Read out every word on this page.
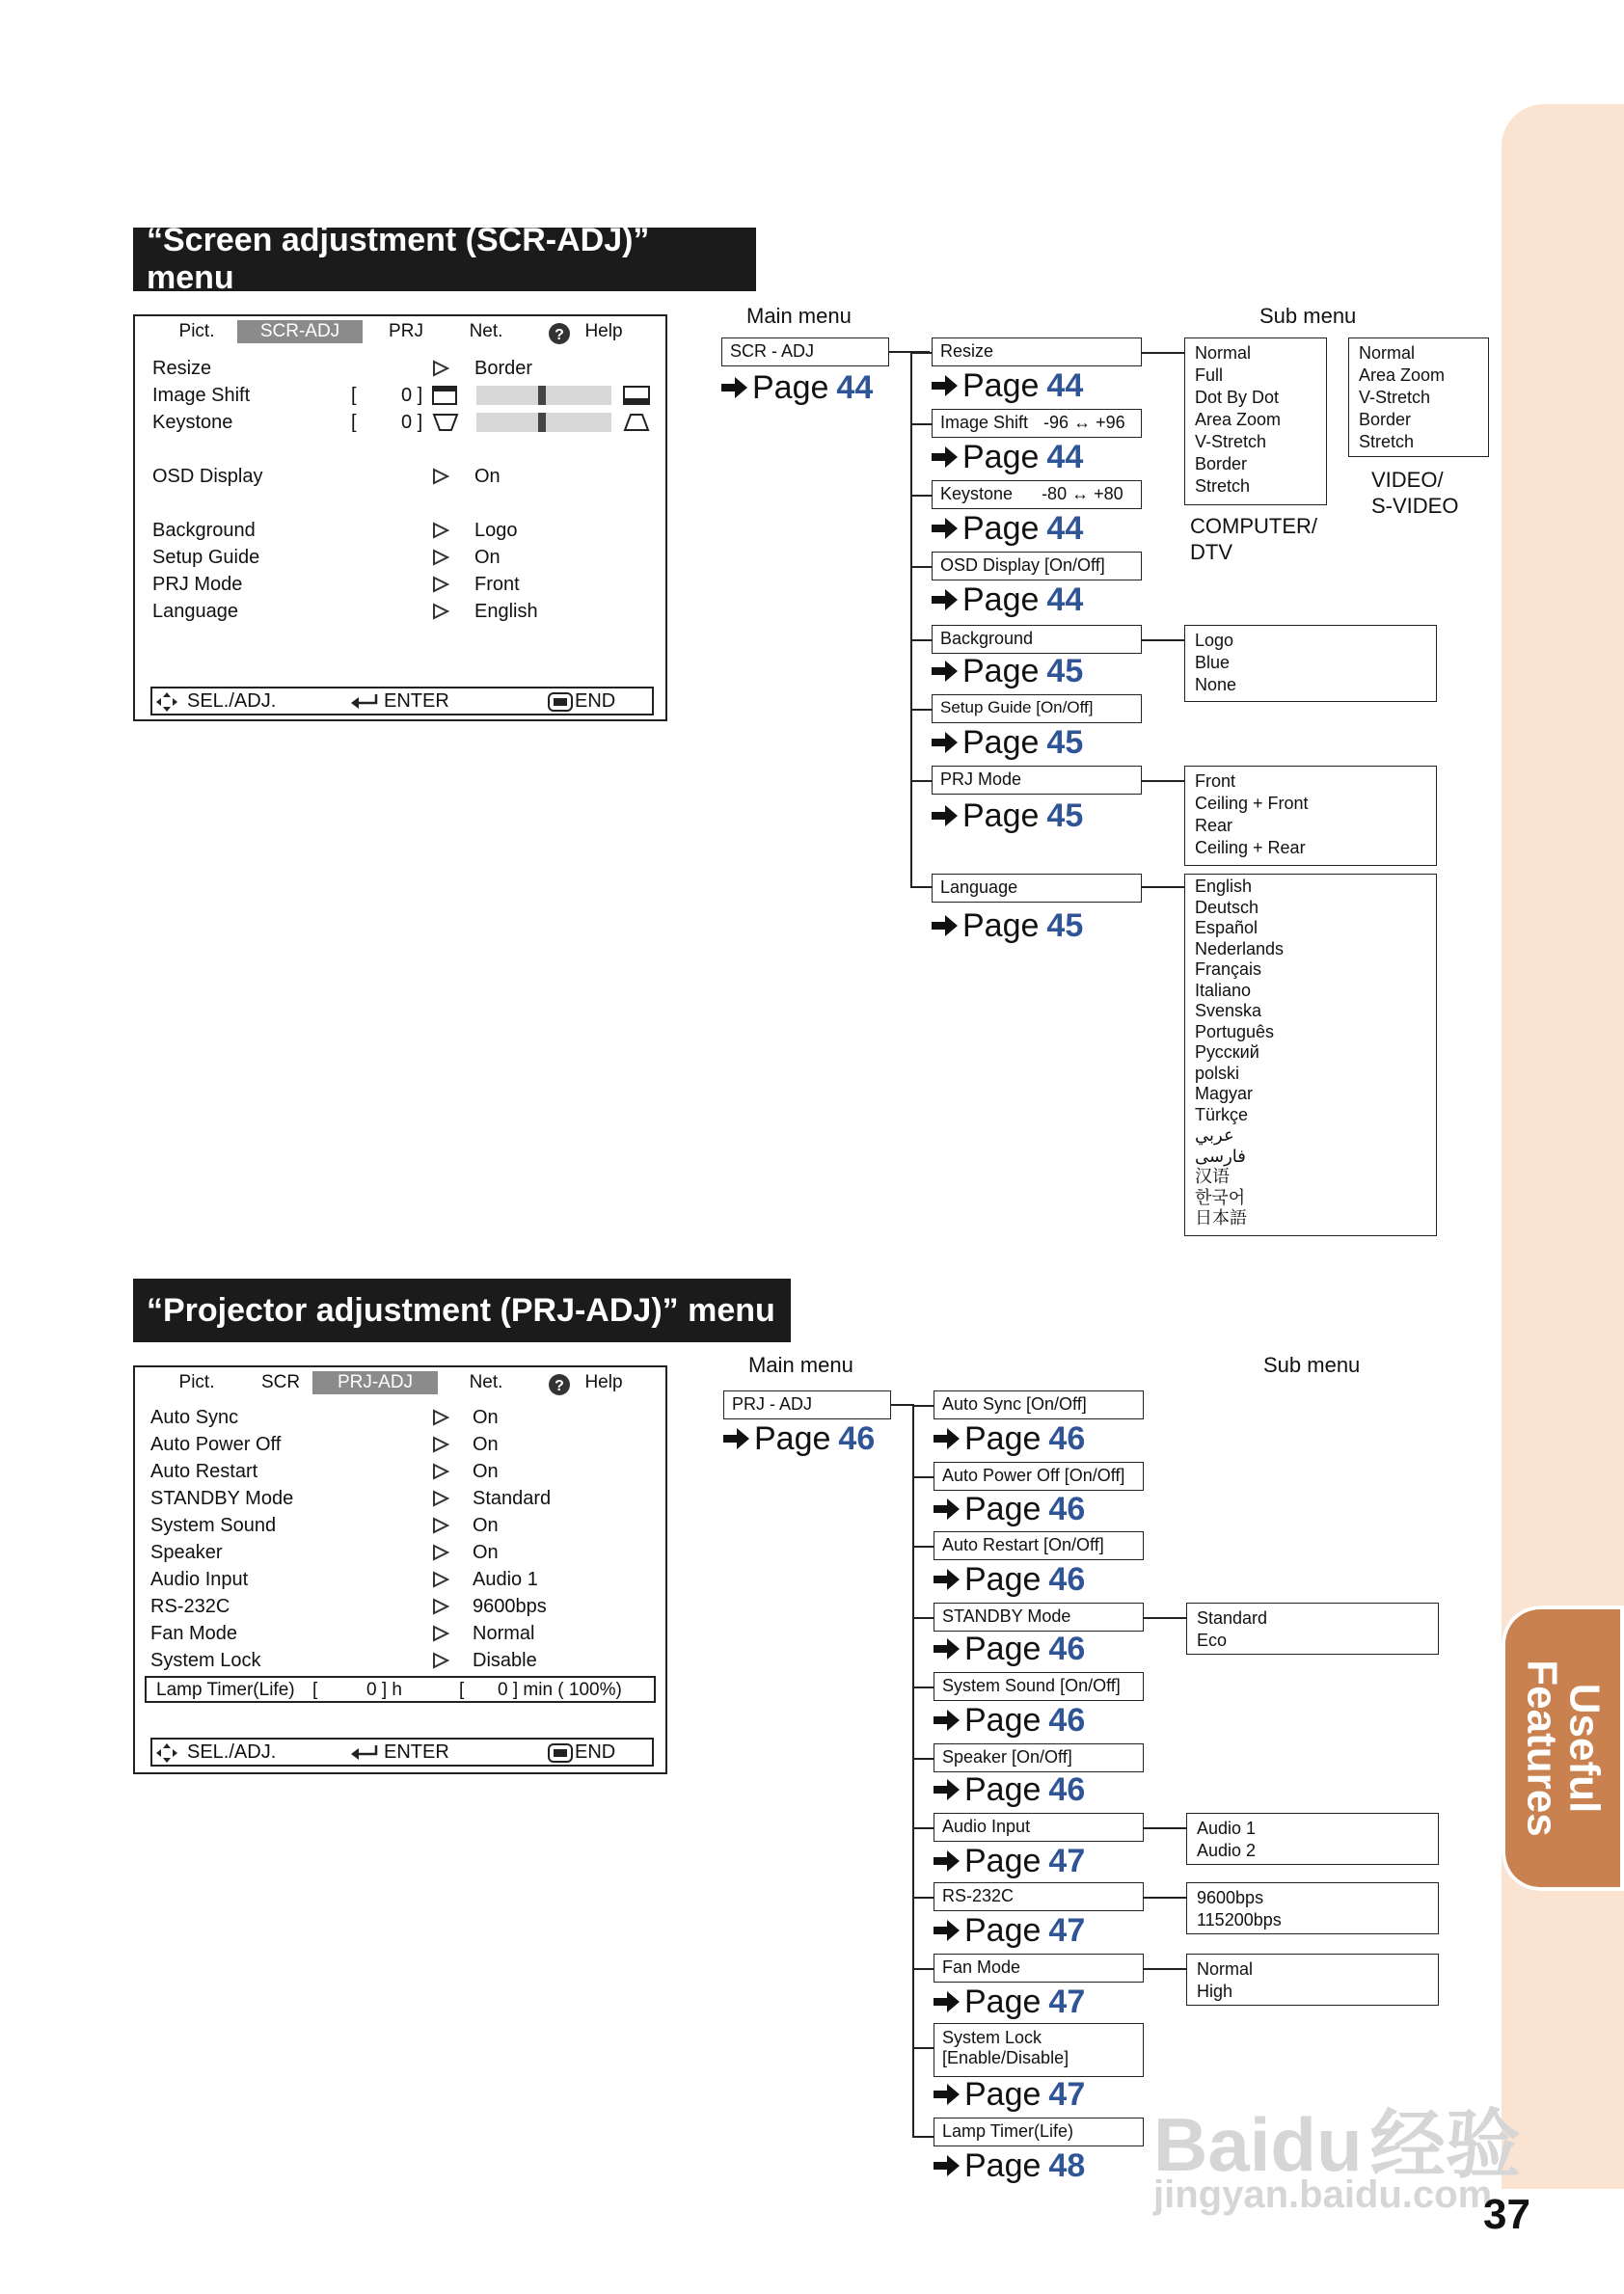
Useful
Features
“Screen adjustment (SCR-ADJ)” menu
Pict.	SCR-ADJ	PRJ	Net.	?	Help
Resize	Border
Image Shift	[ 0 ]
Keystone	[ 0 ]
OSD Display	On
Background	Logo
Setup Guide	On
PRJ Mode	Front
Language	English
SEL./ADJ.	ENTER	END
Main menu	Sub menu
SCR - ADJ
Page 44
Resize
Page 44
Image Shift -96 ↔ +96
Page 44
Keystone -80 ↔ +80
Page 44
OSD Display [On/Off]
Page 44
Background
Page 45
Setup Guide [On/Off]
Page 45
PRJ Mode
Page 45
Language
Page 45
Normal
Full
Dot By Dot
Area Zoom
V-Stretch
Border
Stretch
COMPUTER/
DTV
Normal
Area Zoom
V-Stretch
Border
Stretch
VIDEO/
S-VIDEO
Logo
Blue
None
Front
Ceiling + Front
Rear
Ceiling + Rear
English
Deutsch
Español
Nederlands
Français
Italiano
Svenska
Português
Русский
polski
Magyar
Türkçe
عربي
فارسی
汉语
한국어
日本語
“Projector adjustment (PRJ-ADJ)” menu
Pict.	SCR	PRJ-ADJ	Net.	?	Help
Auto Sync	On
Auto Power Off	On
Auto Restart	On
STANDBY Mode	Standard
System Sound	On
Speaker	On
Audio Input	Audio 1
RS-232C	9600bps
Fan Mode	Normal
System Lock	Disable
Lamp Timer(Life) [	0 ] h	[ 0 ] min ( 100%)
SEL./ADJ.	ENTER	END
Main menu	Sub menu
PRJ - ADJ
Page 46
Auto Sync [On/Off]
Page 46
Auto Power Off [On/Off]
Page 46
Auto Restart [On/Off]
Page 46
STANDBY Mode
Page 46
System Sound [On/Off]
Page 46
Speaker [On/Off]
Page 46
Audio Input
Page 47
RS-232C
Page 47
Fan Mode
Page 47
System Lock
[Enable/Disable]
Page 47
Lamp Timer(Life)
Page 48
Standard
Eco
Audio 1
Audio 2
9600bps
115200bps
Normal
High
Baidu 经验
jingyan.baidu.com
37
